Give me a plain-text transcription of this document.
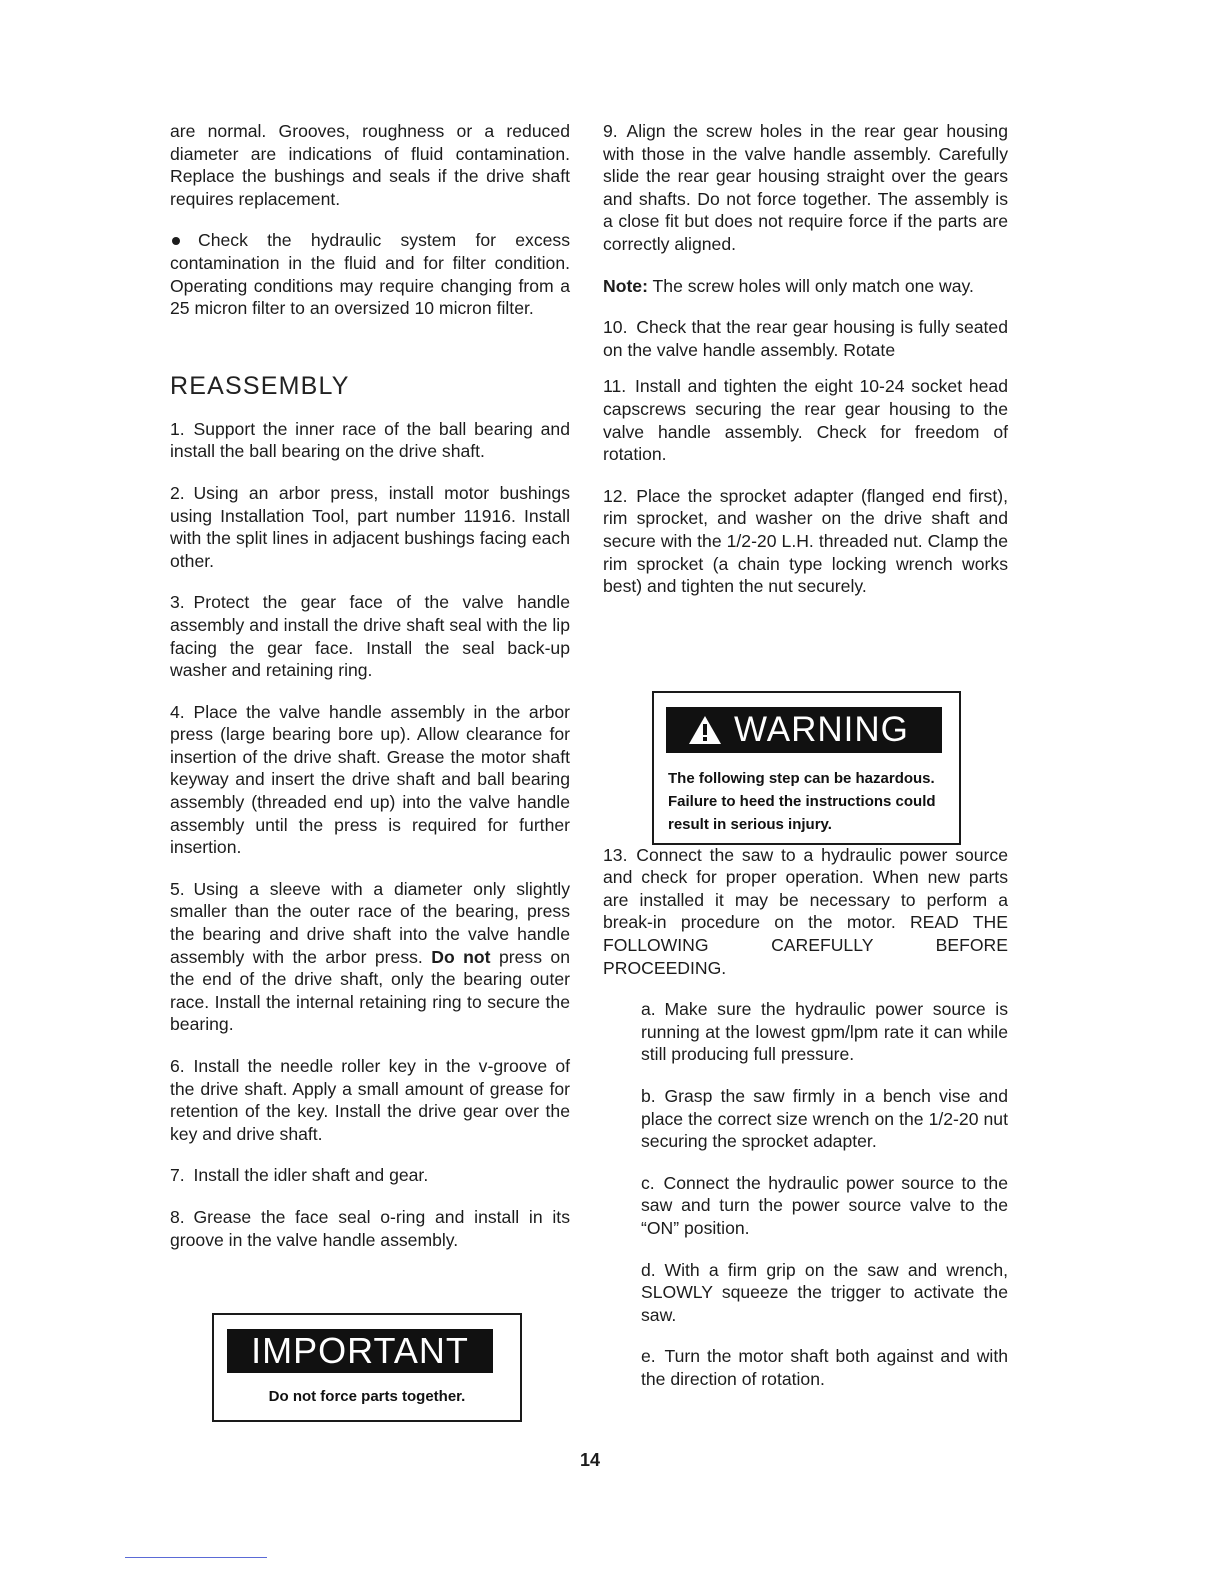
are normal. Grooves, roughness or a reduced diameter are indications of fluid contamination. Replace the bushings and seals if the drive shaft requires replacement.

Check the hydraulic system for excess contamination in the fluid and for filter condition. Operating conditions may require changing from a 25 micron filter to an oversized 10 micron filter.

REASSEMBLY

1. Support the inner race of the ball bearing and install the ball bearing on the drive shaft.

2. Using an arbor press, install motor bushings using Installation Tool, part number 11916. Install with the split lines in adjacent bushings facing each other.

3. Protect the gear face of the valve handle assembly and install the drive shaft seal with the lip facing the gear face. Install the seal back-up washer and retaining ring.

4. Place the valve handle assembly in the arbor press (large bearing bore up). Allow clearance for insertion of the drive shaft. Grease the motor shaft keyway and insert the drive shaft and ball bearing assembly (threaded end up) into the valve handle assembly until the press is required for further insertion.

5. Using a sleeve with a diameter only slightly smaller than the outer race of the bearing, press the bearing and drive shaft into the valve handle assembly with the arbor press. Do not press on the end of the drive shaft, only the bearing outer race. Install the internal retaining ring to secure the bearing.

6. Install the needle roller key in the v-groove of the drive shaft. Apply a small amount of grease for retention of the key. Install the drive gear over the key and drive shaft.

7. Install the idler shaft and gear.

8. Grease the face seal o-ring and install in its groove in the valve handle assembly.

IMPORTANT
Do not force parts together.

9. Align the screw holes in the rear gear housing with those in the valve handle assembly. Carefully slide the rear gear housing straight over the gears and shafts. Do not force together. The assembly is a close fit but does not require force if the parts are correctly aligned.

Note: The screw holes will only match one way.

10. Check that the rear gear housing is fully seated on the valve handle assembly. Rotate

11. Install and tighten the eight 10-24 socket head capscrews securing the rear gear housing to the valve handle assembly. Check for freedom of rotation.

12. Place the sprocket adapter (flanged end first), rim sprocket, and washer on the drive shaft and secure with the 1/2-20 L.H. threaded nut. Clamp the rim sprocket (a chain type locking wrench works best) and tighten the nut securely.

13. Connect the saw to a hydraulic power source and check for proper operation. When new parts are installed it may be necessary to perform a break-in procedure on the motor. READ THE FOLLOWING CAREFULLY BEFORE PROCEEDING.

a. Make sure the hydraulic power source is running at the lowest gpm/lpm rate it can while still producing full pressure.

b. Grasp the saw firmly in a bench vise and place the correct size wrench on the 1/2-20 nut securing the sprocket adapter.

c. Connect the hydraulic power source to the saw and turn the power source valve to the “ON” position.

d. With a firm grip on the saw and wrench, SLOWLY squeeze the trigger to activate the saw.

e. Turn the motor shaft both against and with the direction of rotation.

WARNING
The following step can be hazardous. Failure to heed the instructions could result in serious injury.
14
